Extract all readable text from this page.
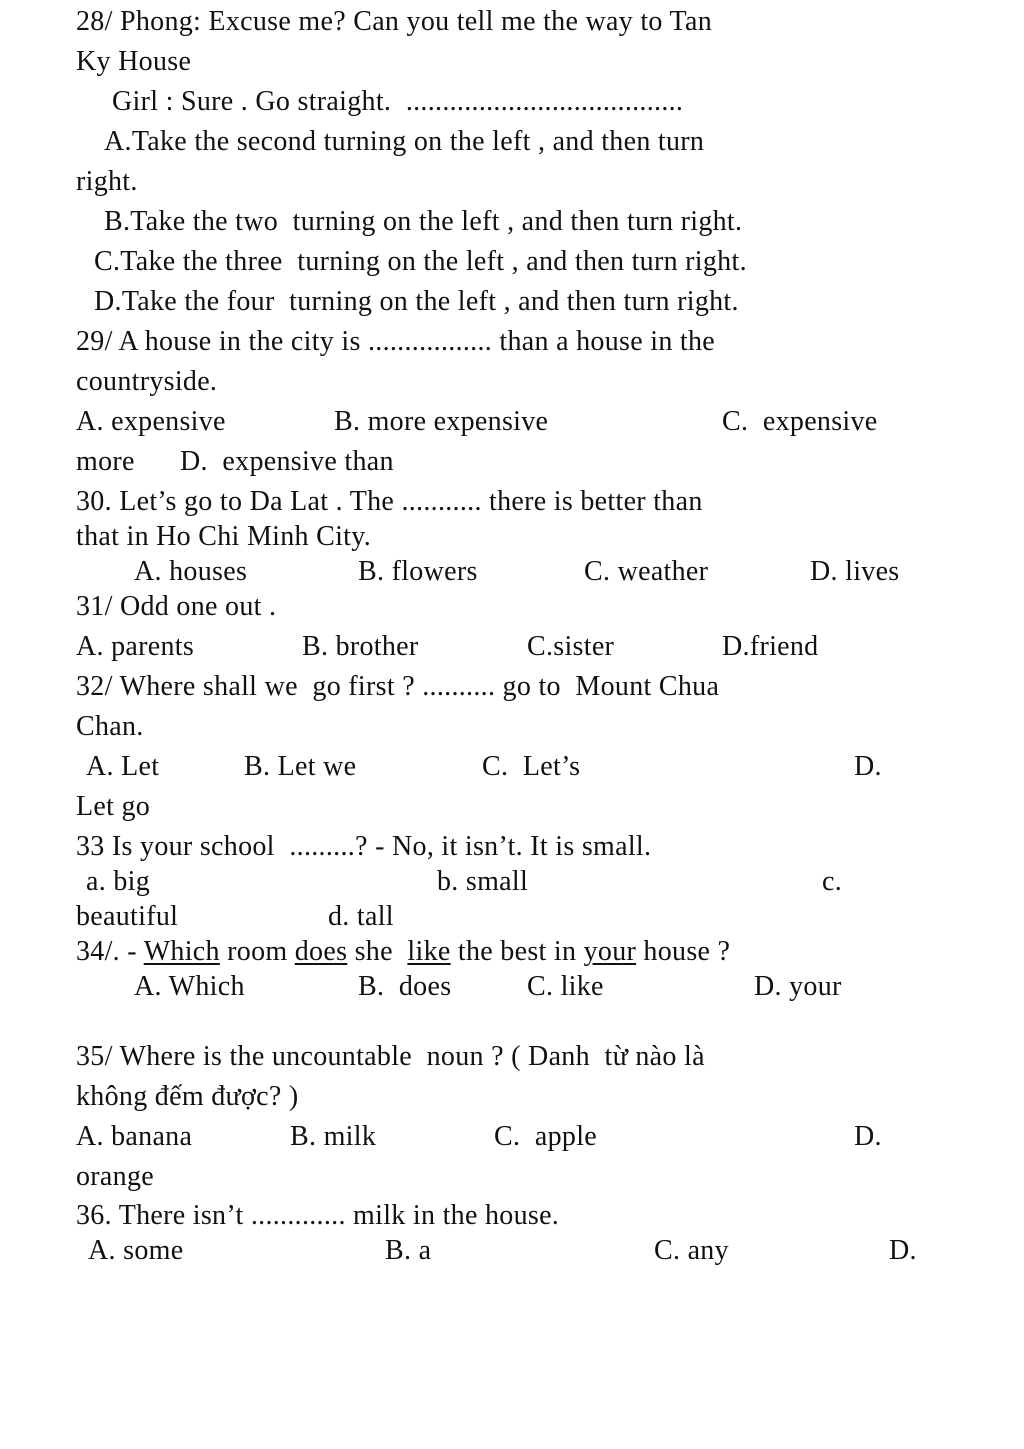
28/ Phong: Excuse me? Can you tell me the way to Tan
Ky House
Girl : Sure . Go straight.  ......................................
A.Take the second turning on the left , and then turn
right.
B.Take the two  turning on the left , and then turn right.
C.Take the three  turning on the left , and then turn right.
D.Take the four  turning on the left , and then turn right.
29/ A house in the city is ................. than a house in the
countryside.

A. expensive

	B. more expensive

	C.  expensive

more

D.  expensive than

30. Let’s go to Da Lat . The ........... there is better than
that in Ho Chi Minh City.

A. houses

	B. flowers

	C. weather

	D. lives

31/ Odd one out .

A. parents

	B. brother

	C.sister

	D.friend

32/ Where shall we  go first ? .......... go to  Mount Chua
Chan.

A. Let

	B. Let we

	C.  Let’s

	D.

Let go
33 Is your school  .........? - No, it isn’t. It is small.

a. big

	b. small

	c.

beautiful

	d. tall

34/. - Which room does she  like the best in your house ?

A. Which

	B.  does

	C. like

	D. your

35/ Where is the uncountable  noun ? ( Danh  từ nào là
không đếm được? )

A. banana

	B. milk

	C.  apple

	D.

orange
36. There isn’t ............. milk in the house.

A. some

	B. a

	C. any

	D.
